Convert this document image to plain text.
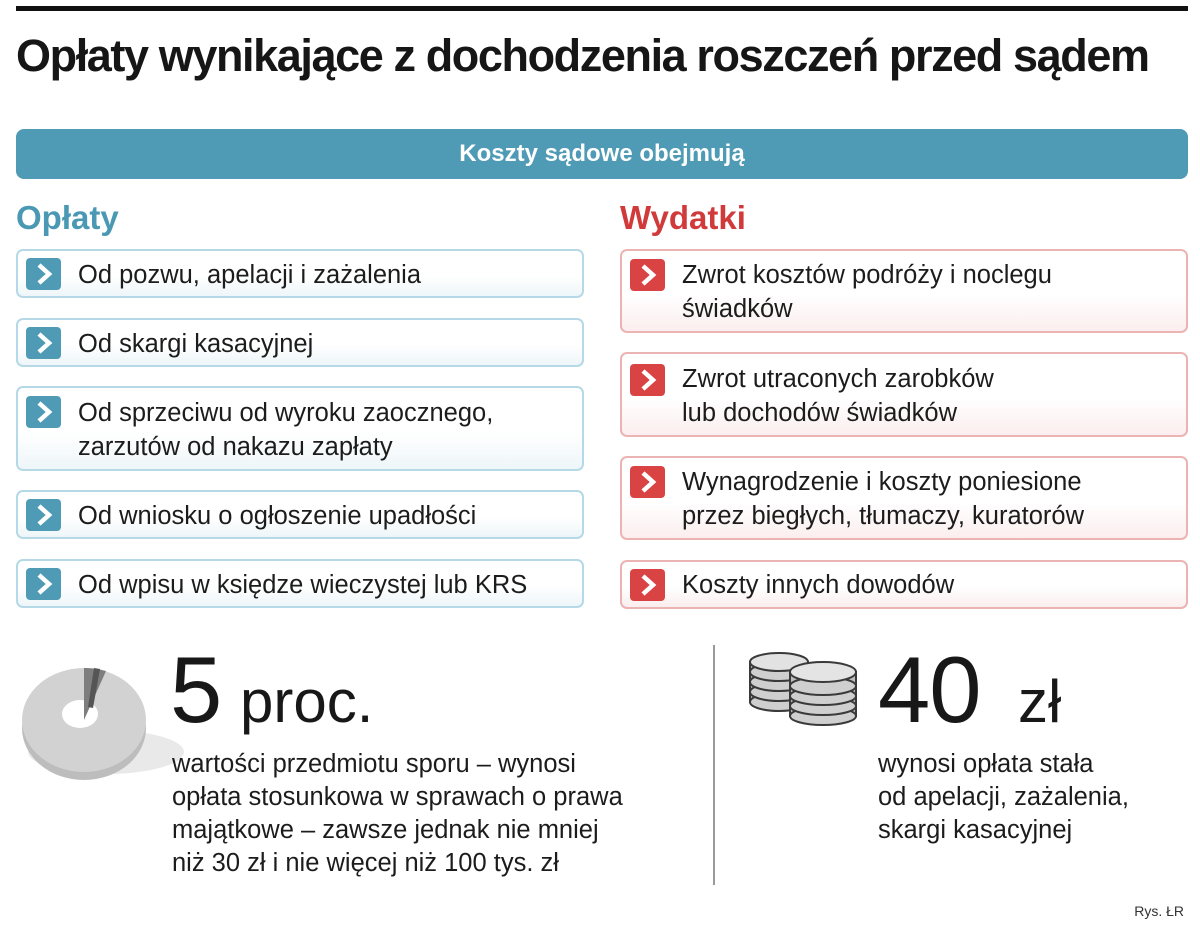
Opłaty wynikające z dochodzenia roszczeń przed sądem
Koszty sądowe obejmują
Opłaty	Wydatki
Od pozwu, apelacji i zażalenia
Od skargi kasacyjnej
Od sprzeciwu od wyroku zaocznego,
zarzutów od nakazu zapłaty
Od wniosku o ogłoszenie upadłości
Od wpisu w księdze wieczystej lub KRS
Zwrot kosztów podróży i noclegu
świadków
Zwrot utraconych zarobków
lub dochodów świadków
Wynagrodzenie i koszty poniesione
przez biegłych, tłumaczy, kuratorów
Koszty innych dowodów
5 proc.
wartości przedmiotu sporu – wynosi
opłata stosunkowa w sprawach o prawa
majątkowe – zawsze jednak nie mniej
niż 30 zł i nie więcej niż 100 tys. zł
40 zł
wynosi opłata stała
od apelacji, zażalenia,
skargi kasacyjnej
Rys. ŁR
